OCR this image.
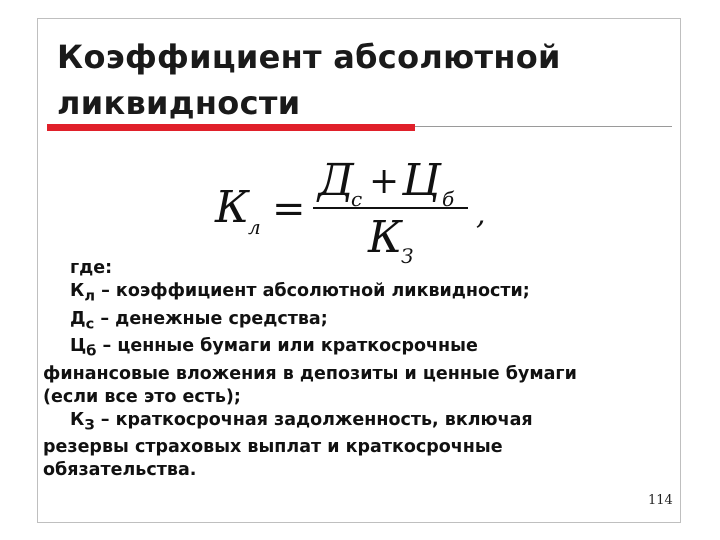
Коэффициент абсолютной
ликвидности
К
л =
Д
с + Ц б
К
З
,
где:
$К_л$ – коэффициент абсолютной ликвидности;
$Д_с$ – денежные средства;
$Ц_б$ – ценные бумаги или краткосрочные
финансовые вложения в депозиты и ценные бумаги
(если все это есть);
$К_З$ – краткосрочная задолженность, включая
резервы страховых выплат и краткосрочные
обязательства.
114
